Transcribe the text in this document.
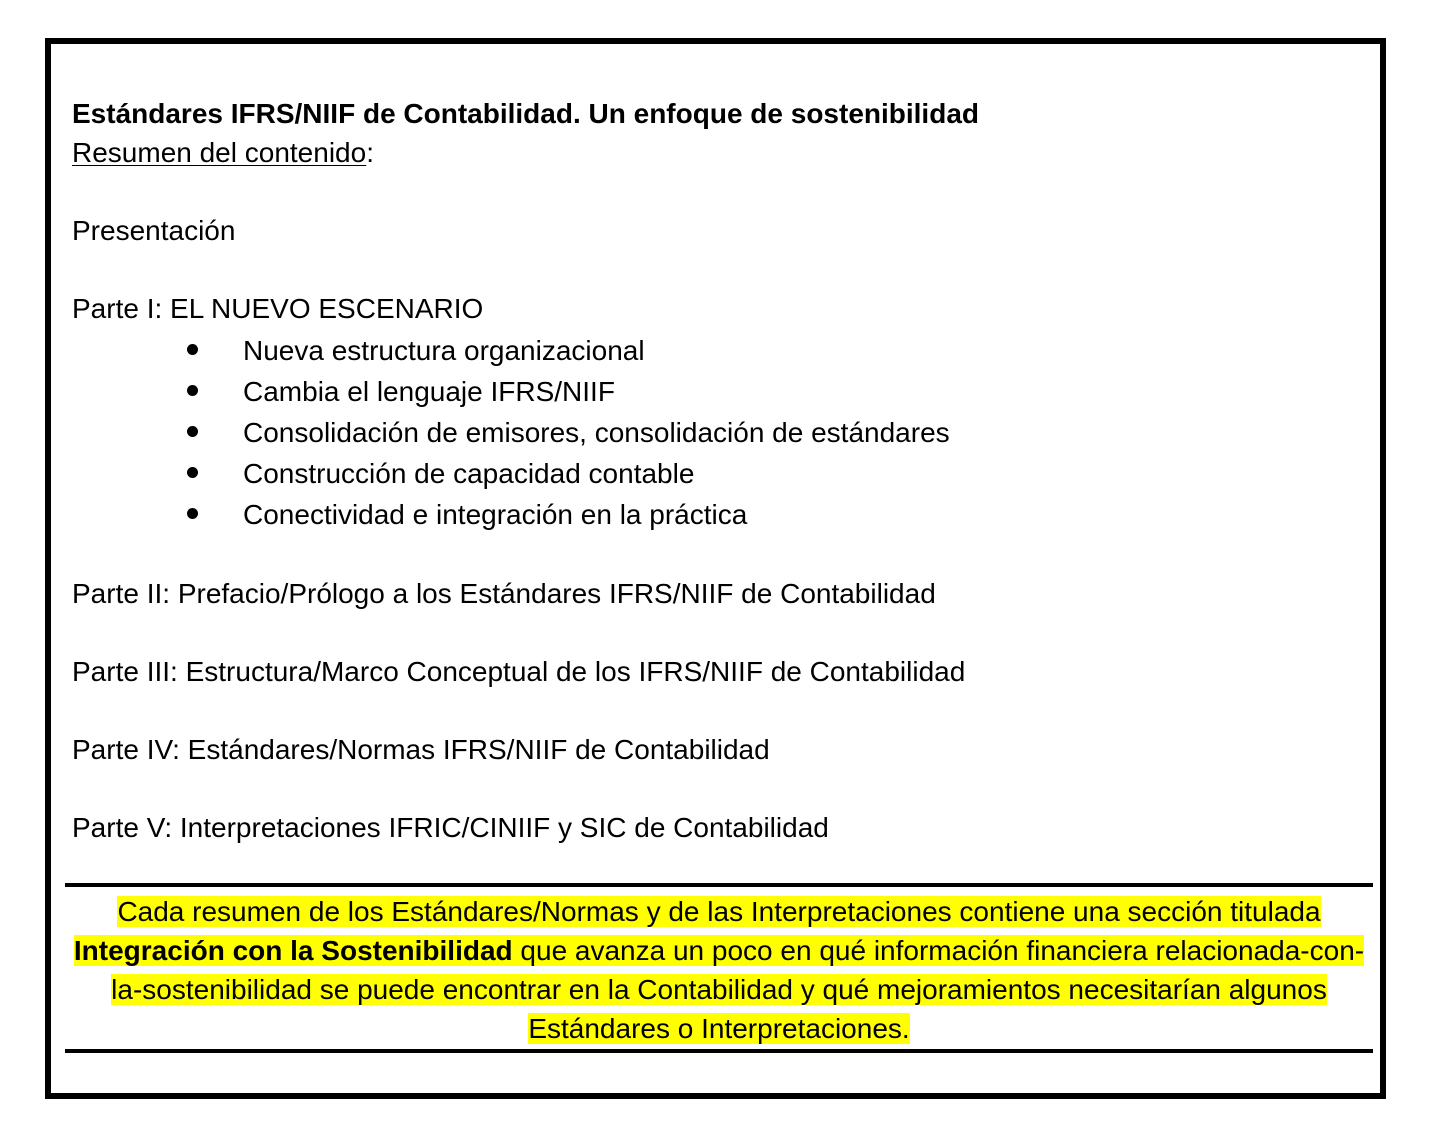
Estándares IFRS/NIIF de Contabilidad. Un enfoque de sostenibilidad

Resumen del contenido:

Presentación

Parte I: EL NUEVO ESCENARIO

Nueva estructura organizacional
Cambia el lenguaje IFRS/NIIF
Consolidación de emisores, consolidación de estándares
Construcción de capacidad contable
Conectividad e integración en la práctica

Parte II: Prefacio/Prólogo a los Estándares IFRS/NIIF de Contabilidad

Parte III: Estructura/Marco Conceptual de los IFRS/NIIF de Contabilidad

Parte IV: Estándares/Normas IFRS/NIIF de Contabilidad

Parte V: Interpretaciones IFRIC/CINIIF y SIC de Contabilidad

Cada resumen de los Estándares/Normas y de las Interpretaciones contiene una sección titulada Integración con la Sostenibilidad que avanza un poco en qué información financiera relacionada-con-la-sostenibilidad se puede encontrar en la Contabilidad y qué mejoramientos necesitarían algunos Estándares o Interpretaciones.
